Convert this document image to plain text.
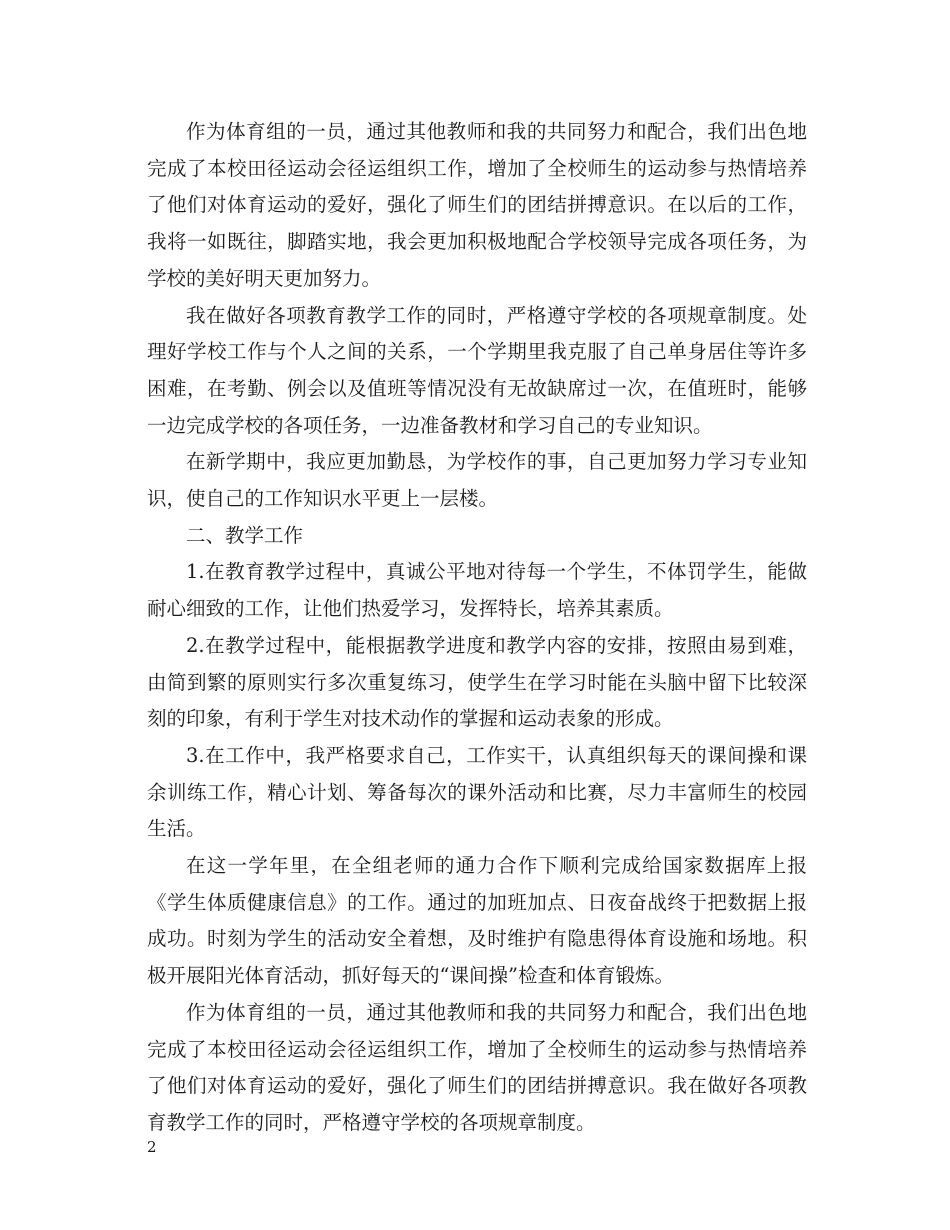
作为体育组的一员，通过其他教师和我的共同努力和配合，我们出色地完成了本校田径运动会径运组织工作，增加了全校师生的运动参与热情培养了他们对体育运动的爱好，强化了师生们的团结拼搏意识。在以后的工作，我将一如既往，脚踏实地，我会更加积极地配合学校领导完成各项任务，为学校的美好明天更加努力。

我在做好各项教育教学工作的同时，严格遵守学校的各项规章制度。处理好学校工作与个人之间的关系，一个学期里我克服了自己单身居住等许多困难，在考勤、例会以及值班等情况没有无故缺席过一次，在值班时，能够一边完成学校的各项任务，一边准备教材和学习自己的专业知识。

在新学期中，我应更加勤恳，为学校作的事，自己更加努力学习专业知识，使自己的工作知识水平更上一层楼。

二、教学工作

1.在教育教学过程中，真诚公平地对待每一个学生，不体罚学生，能做耐心细致的工作，让他们热爱学习，发挥特长，培养其素质。

2.在教学过程中，能根据教学进度和教学内容的安排，按照由易到难，由简到繁的原则实行多次重复练习，使学生在学习时能在头脑中留下比较深刻的印象，有利于学生对技术动作的掌握和运动表象的形成。

3.在工作中，我严格要求自己，工作实干，认真组织每天的课间操和课余训练工作，精心计划、筹备每次的课外活动和比赛，尽力丰富师生的校园生活。

在这一学年里，在全组老师的通力合作下顺利完成给国家数据库上报《学生体质健康信息》的工作。通过的加班加点、日夜奋战终于把数据上报成功。时刻为学生的活动安全着想，及时维护有隐患得体育设施和场地。积极开展阳光体育活动，抓好每天的“课间操”检查和体育锻炼。

作为体育组的一员，通过其他教师和我的共同努力和配合，我们出色地完成了本校田径运动会径运组织工作，增加了全校师生的运动参与热情培养了他们对体育运动的爱好，强化了师生们的团结拼搏意识。我在做好各项教育教学工作的同时，严格遵守学校的各项规章制度。

2
